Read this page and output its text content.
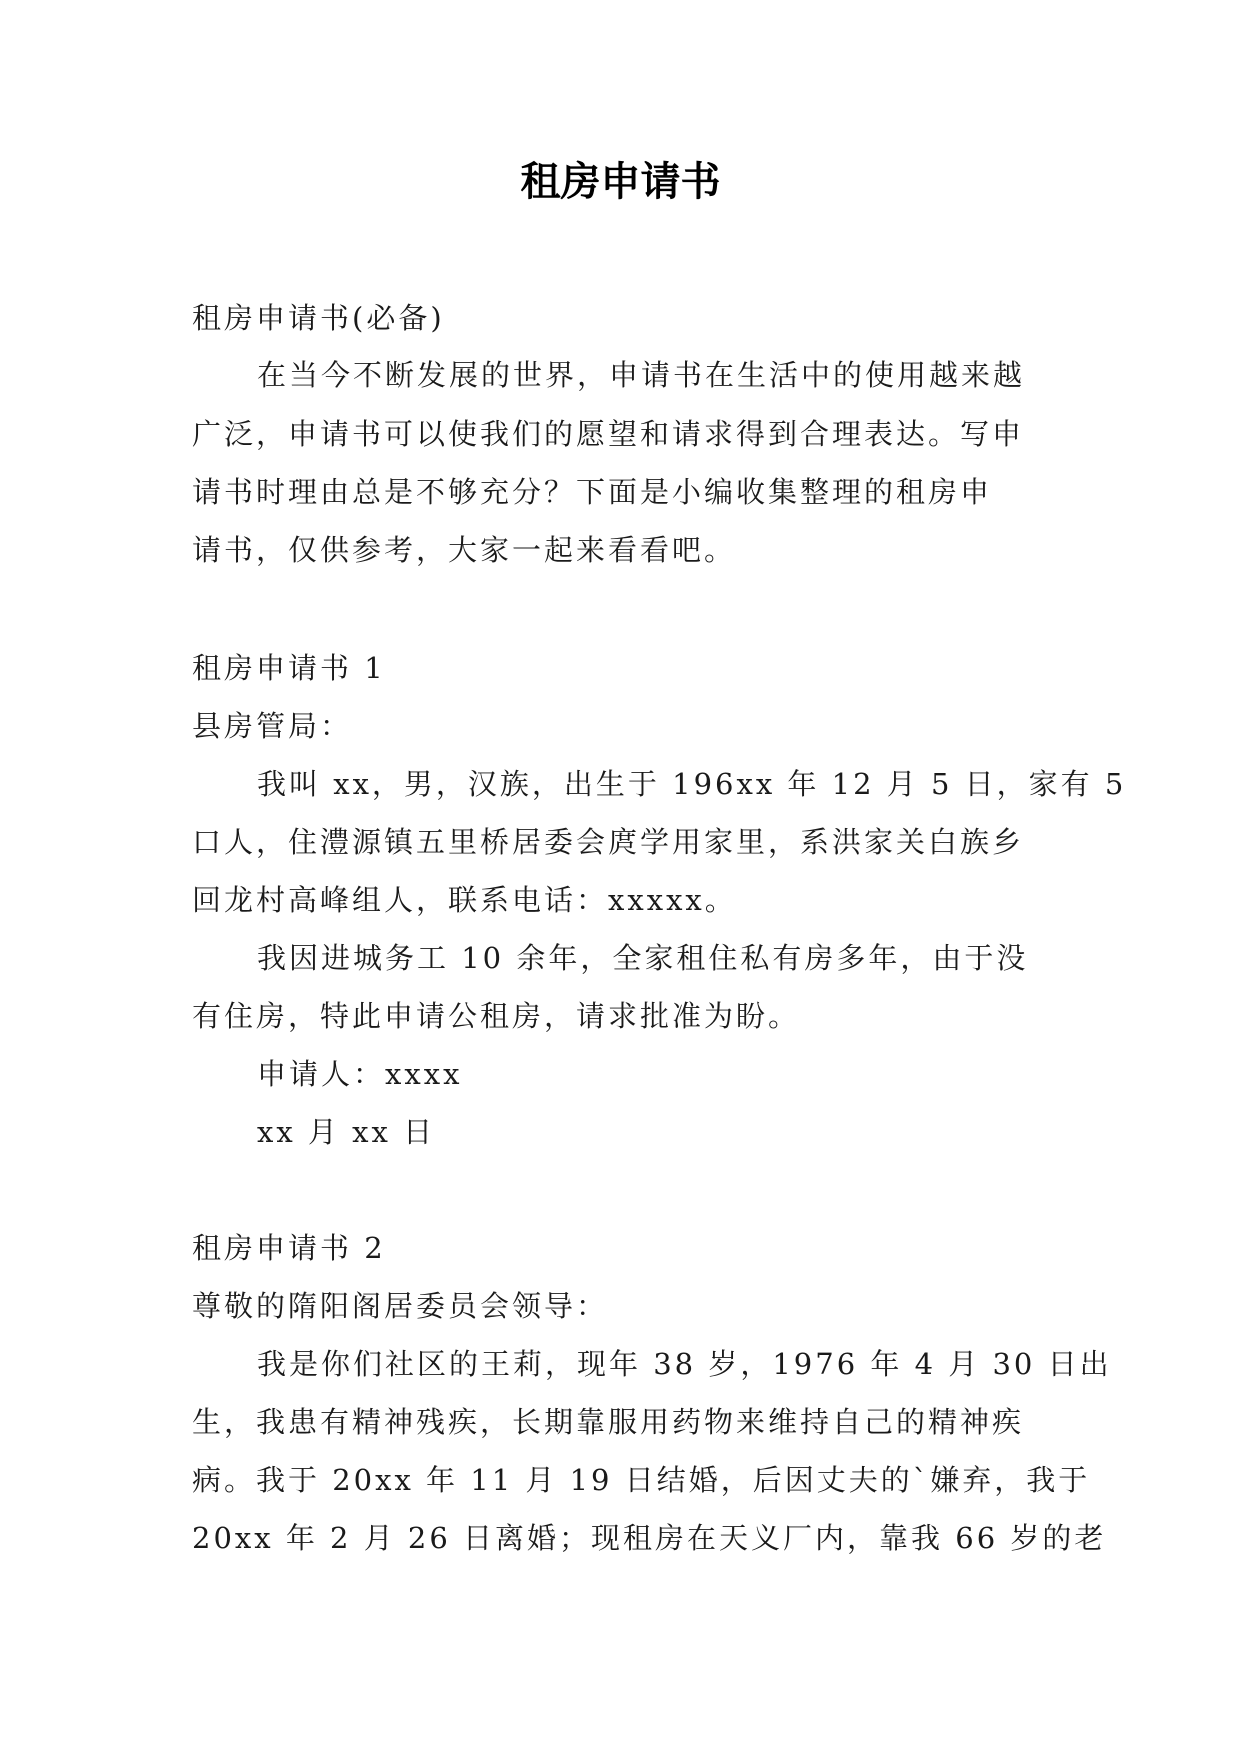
租房申请书

租房申请书(必备)

在当今不断发展的世界，申请书在生活中的使用越来越

广泛，申请书可以使我们的愿望和请求得到合理表达。写申

请书时理由总是不够充分？下面是小编收集整理的租房申

请书，仅供参考，大家一起来看看吧。

租房申请书 1

县房管局：

我叫 xx，男，汉族，出生于 196xx 年 12 月 5 日，家有 5

口人，住澧源镇五里桥居委会庹学用家里，系洪家关白族乡

回龙村高峰组人，联系电话：xxxxx。

我因进城务工 10 余年，全家租住私有房多年，由于没

有住房，特此申请公租房，请求批准为盼。

申请人：xxxx

xx 月 xx 日

租房申请书 2

尊敬的隋阳阁居委员会领导：

我是你们社区的王莉，现年 38 岁，1976 年 4 月 30 日出

生，我患有精神残疾，长期靠服用药物来维持自己的精神疾

病。我于 20xx 年 11 月 19 日结婚，后因丈夫的`嫌弃，我于

20xx 年 2 月 26 日离婚；现租房在天义厂内，靠我 66 岁的老
